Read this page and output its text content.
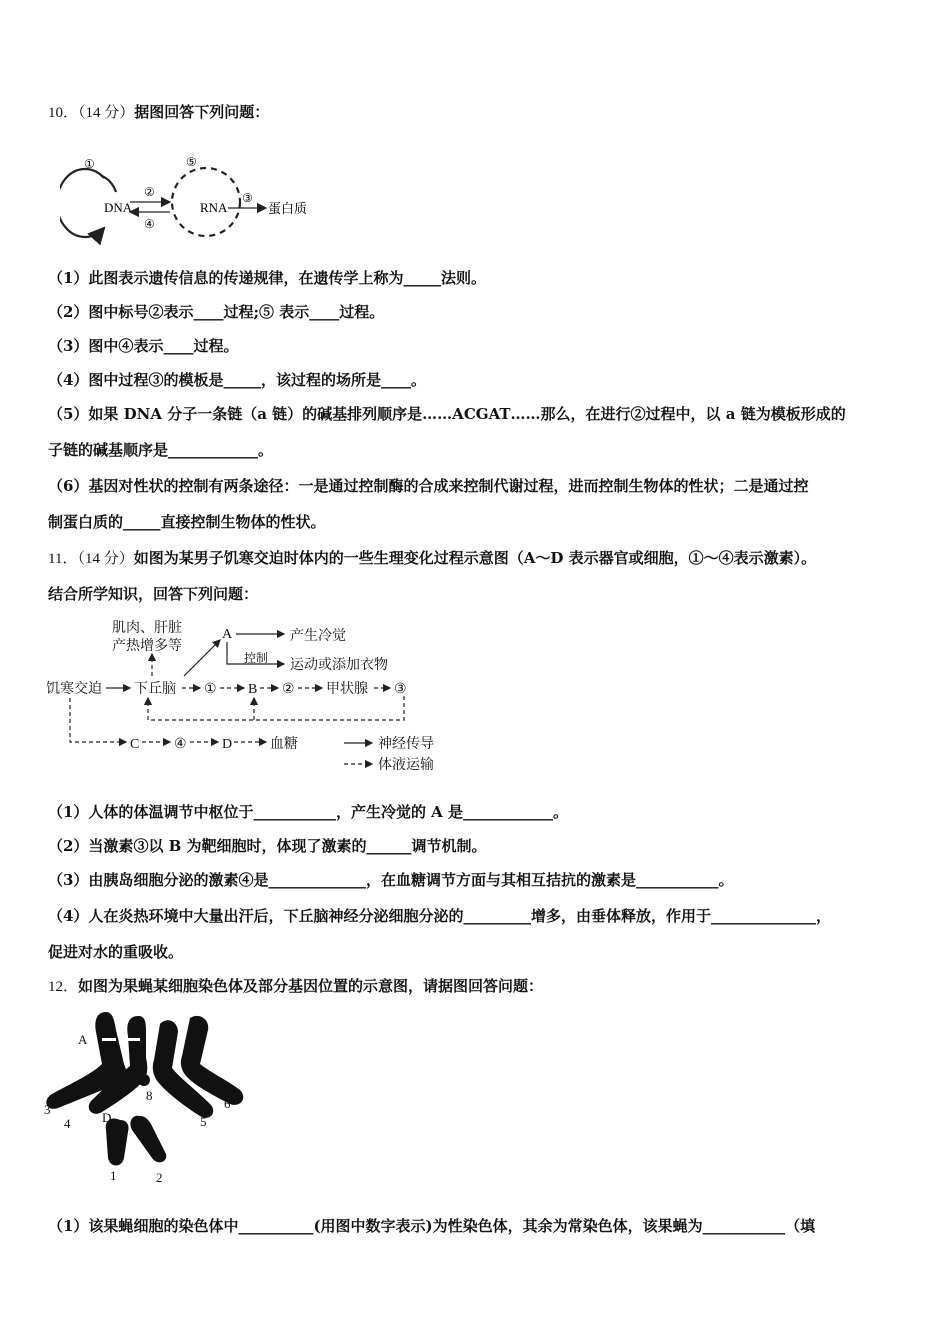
10．（14 分）据图回答下列问题：
DNA
①
②
④
⑤
RNA
③
蛋白质
（1）此图表示遗传信息的传递规律，在遗传学上称为_____法则。
（2）图中标号②表示____过程;⑤ 表示____过程。
（3）图中④表示____过程。
（4）图中过程③的模板是_____，该过程的场所是____。
（5）如果 DNA 分子一条链（a 链）的碱基排列顺序是……ACGAT……那么，在进行②过程中，以 a 链为模板形成的
子链的碱基顺序是____________。
（6）基因对性状的控制有两条途径：一是通过控制酶的合成来控制代谢过程，进而控制生物体的性状；二是通过控
制蛋白质的_____直接控制生物体的性状。
11．（14 分）如图为某男子饥寒交迫时体内的一些生理变化过程示意图（A～D 表示器官或细胞，①～④表示激素）。
结合所学知识，回答下列问题：
肌肉、肝脏
产热增多等
A	产生冷觉
控制 运动或添加衣物
饥寒交迫 下丘脑 ① B ② 甲状腺 ③
C ④	D	血糖	神经传导
体液运输
（1）人体的体温调节中枢位于___________，产生冷觉的 A 是____________。
（2）当激素③以 B 为靶细胞时，体现了激素的______调节机制。
（3）由胰岛细胞分泌的激素④是_____________，在血糖调节方面与其相互拮抗的激素是___________。
（4）人在炎热环境中大量出汗后，下丘脑神经分泌细胞分泌的_________增多，由垂体释放，作用于______________，
促进对水的重吸收。
12．如图为果蝇某细胞染色体及部分基因位置的示意图，请据图回答问题：
A	a
D
1	2
3
4	5
6
7 8
（1）该果蝇细胞的染色体中__________(用图中数字表示)为性染色体，其余为常染色体，该果蝇为___________（填
